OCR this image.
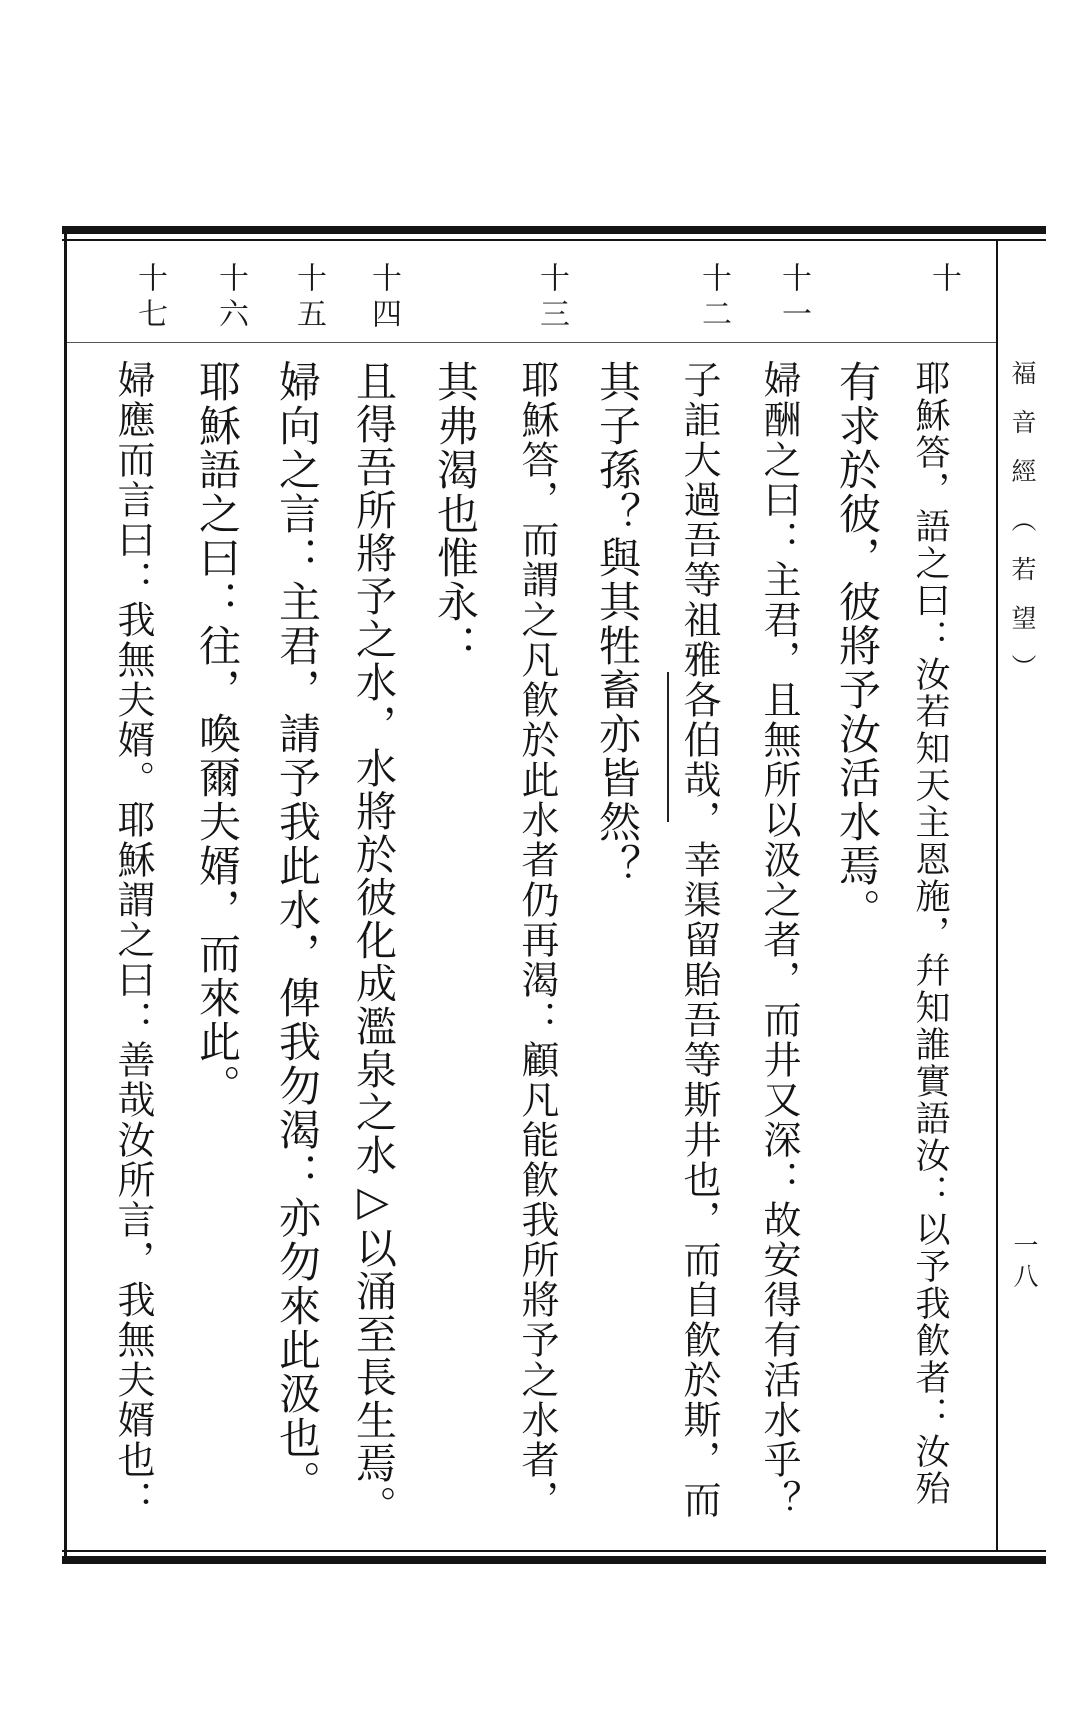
福音經（若望）
一八
十
十一
十二
十三
十四
十五
十六
十七
耶穌答，語之曰：汝若知天主恩施，幷知誰實語汝：以予我飮者：汝殆
有求於彼，彼將予汝活水焉。
婦酬之曰：主君，且無所以汲之者，而井又深：故安得有活水乎？
子詎大過吾等祖雅各伯哉，幸渠留貽吾等斯井也，而自飮於斯，而
其子孫？與其牲畜亦皆然？
耶穌答，而謂之凡飮於此水者仍再渴：顧凡能飮我所將予之水者，
其弗渴也惟永：
且得吾所將予之水，水將於彼化成濫泉之水▷以涌至長生焉。
婦向之言：主君，請予我此水，俾我勿渴：亦勿來此汲也。
耶穌語之曰：往，喚爾夫婿，而來此。
婦應而言曰：我無夫婿。耶穌謂之曰：善哉汝所言，我無夫婿也：
